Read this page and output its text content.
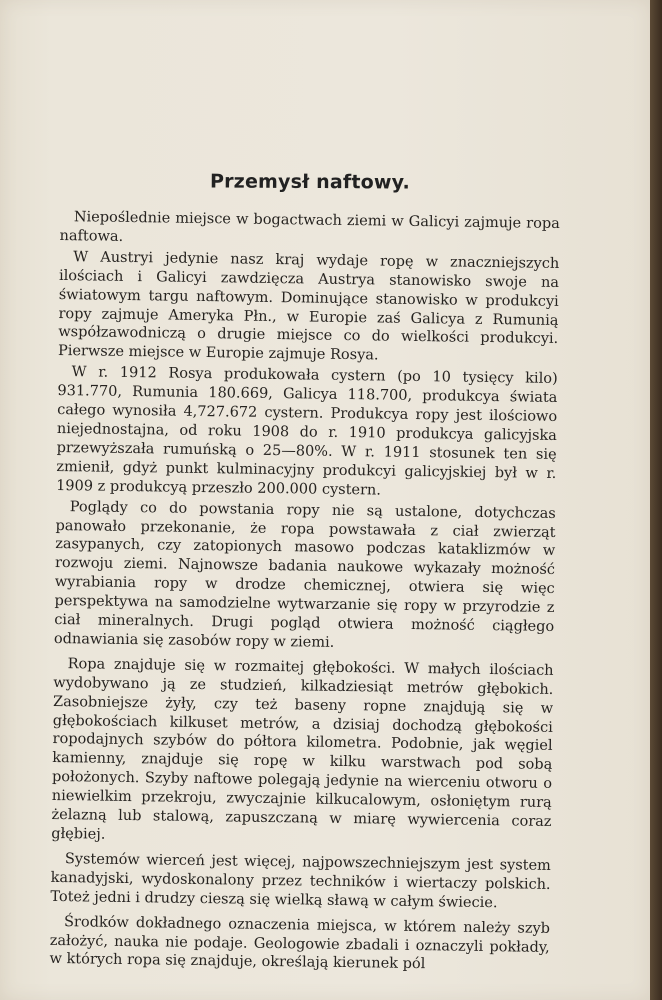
Przemysł naftowy.

Niepoślednie miejsce w bogactwach ziemi w Galicyi zajmuje ropa naftowa.

W Austryi jedynie nasz kraj wydaje ropę w znaczniejszych ilościach i Galicyi zawdzięcza Austrya stanowisko swoje na światowym targu naftowym. Dominujące stanowisko w produkcyi ropy zajmuje Ameryka Płn., w Europie zaś Galicya z Rumunią współzawodniczą o drugie miejsce co do wielkości produkcyi. Pierwsze miejsce w Europie zajmuje Rosya.

W r. 1912 Rosya produkowała cystern (po 10 tysięcy kilo) 931.770, Rumunia 180.669, Galicya 118.700, produkcya świata całego wynosiła 4,727.672 cystern. Produkcya ropy jest ilościowo niejednostajna, od roku 1908 do r. 1910 produkcya galicyjska przewyższała rumuńską o 25—80%. W r. 1911 stosunek ten się zmienił, gdyż punkt kulminacyjny produkcyi galicyjskiej był w r. 1909 z produkcyą przeszło 200.000 cystern.

Poglądy co do powstania ropy nie są ustalone, dotychczas panowało przekonanie, że ropa powstawała z ciał zwierząt zasypanych, czy zatopionych masowo podczas kataklizmów w rozwoju ziemi. Najnowsze badania naukowe wykazały możność wyrabiania ropy w drodze chemicznej, otwiera się więc perspektywa na samodzielne wytwarzanie się ropy w przyrodzie z ciał mineralnych. Drugi pogląd otwiera możność ciągłego odnawiania się zasobów ropy w ziemi.

Ropa znajduje się w rozmaitej głębokości. W małych ilościach wydobywano ją ze studzień, kilkadziesiąt metrów głębokich. Zasobniejsze żyły, czy też baseny ropne znajdują się w głębokościach kilkuset metrów, a dzisiaj dochodzą głębokości ropodajnych szybów do półtora kilometra. Podobnie, jak węgiel kamienny, znajduje się ropę w kilku warstwach pod sobą położonych. Szyby naftowe polegają jedynie na wierceniu otworu o niewielkim przekroju, zwyczajnie kilkucalowym, osłoniętym rurą żelazną lub stalową, zapuszczaną w miarę wywiercenia coraz głębiej.

Systemów wierceń jest więcej, najpowszechniejszym jest system kanadyjski, wydoskonalony przez techników i wiertaczy polskich. Toteż jedni i drudzy cieszą się wielką sławą w całym świecie.

Środków dokładnego oznaczenia miejsca, w którem należy szyb założyć, nauka nie podaje. Geologowie zbadali i oznaczyli pokłady, w których ropa się znajduje, określają kierunek pól
